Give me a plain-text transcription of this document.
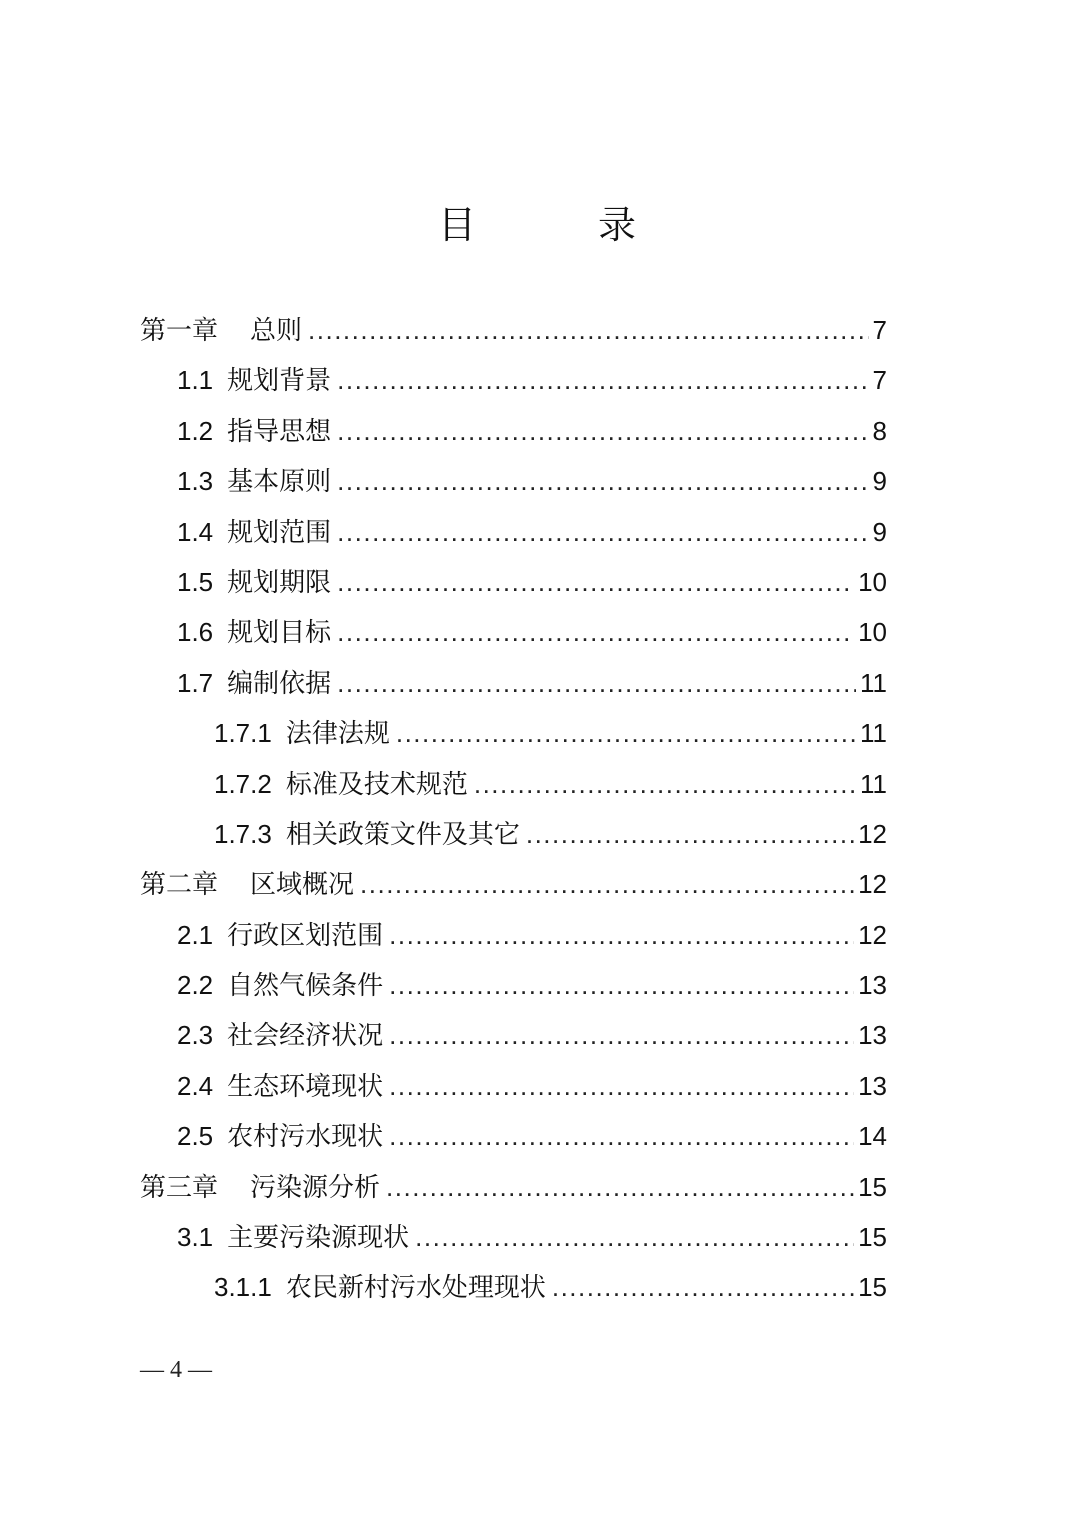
目　录
第一章 总则 .....	7
1.1 规划背景 .....	7
1.2 指导思想 .....	8
1.3 基本原则 .....	9
1.4 规划范围 .....	9
1.5 规划期限 .....	10
1.6 规划目标 .....	10
1.7 编制依据 .....	11
1.7.1 法律法规 .....	11
1.7.2 标准及技术规范 .....	11
1.7.3 相关政策文件及其它 .....	12
第二章 区域概况 .....	12
2.1 行政区划范围 .....	12
2.2 自然气候条件 .....	13
2.3 社会经济状况 .....	13
2.4 生态环境现状 .....	13
2.5 农村污水现状 .....	14
第三章 污染源分析 .....	15
3.1 主要污染源现状 .....	15
3.1.1 农民新村污水处理现状 .....	15
— 4 —
